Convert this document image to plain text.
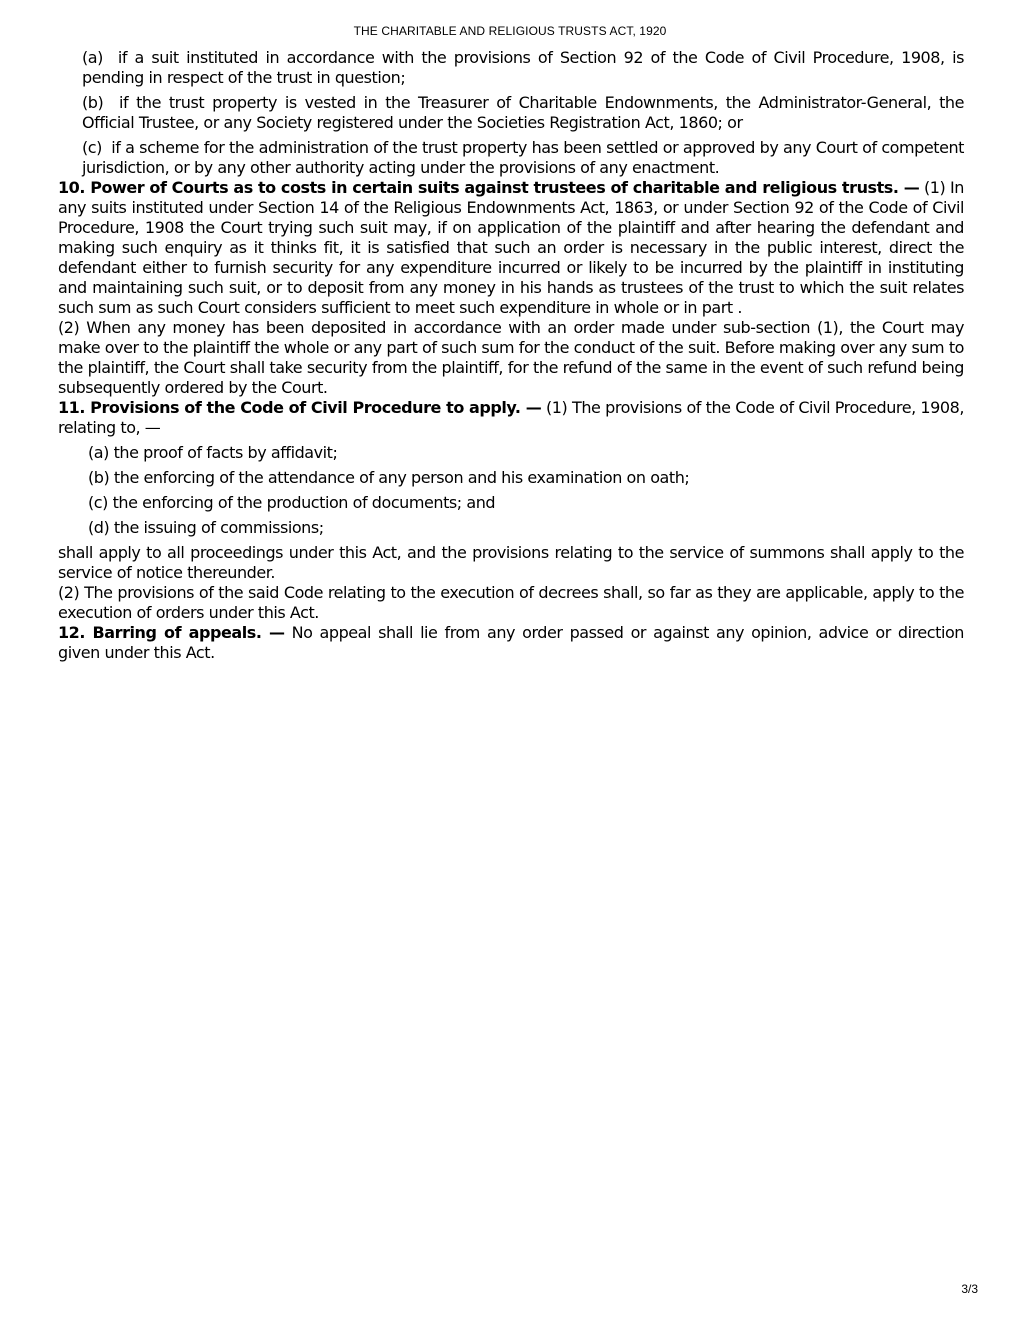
THE CHARITABLE AND RELIGIOUS TRUSTS ACT, 1920

(a) if a suit instituted in accordance with the provisions of Section 92 of the Code of Civil Procedure, 1908, is pending in respect of the trust in question;

(b) if the trust property is vested in the Treasurer of Charitable Endownments, the Administrator-General, the Official Trustee, or any Society registered under the Societies Registration Act, 1860; or

(c) if a scheme for the administration of the trust property has been settled or approved by any Court of competent jurisdiction, or by any other authority acting under the provisions of any enactment.

10. Power of Courts as to costs in certain suits against trustees of charitable and religious trusts. — (1) In any suits instituted under Section 14 of the Religious Endownments Act, 1863, or under Section 92 of the Code of Civil Procedure, 1908 the Court trying such suit may, if on application of the plaintiff and after hearing the defendant and making such enquiry as it thinks fit, it is satisfied that such an order is necessary in the public interest, direct the defendant either to furnish security for any expenditure incurred or likely to be incurred by the plaintiff in instituting and maintaining such suit, or to deposit from any money in his hands as trustees of the trust to which the suit relates such sum as such Court considers sufficient to meet such expenditure in whole or in part .

(2) When any money has been deposited in accordance with an order made under sub-section (1), the Court may make over to the plaintiff the whole or any part of such sum for the conduct of the suit. Before making over any sum to the plaintiff, the Court shall take security from the plaintiff, for the refund of the same in the event of such refund being subsequently ordered by the Court.

11. Provisions of the Code of Civil Procedure to apply. — (1) The provisions of the Code of Civil Procedure, 1908, relating to, —

(a) the proof of facts by affidavit;
(b) the enforcing of the attendance of any person and his examination on oath;
(c) the enforcing of the production of documents; and
(d) the issuing of commissions;

shall apply to all proceedings under this Act, and the provisions relating to the service of summons shall apply to the service of notice thereunder.

(2) The provisions of the said Code relating to the execution of decrees shall, so far as they are applicable, apply to the execution of orders under this Act.

12. Barring of appeals. — No appeal shall lie from any order passed or against any opinion, advice or direction given under this Act.

3/3
